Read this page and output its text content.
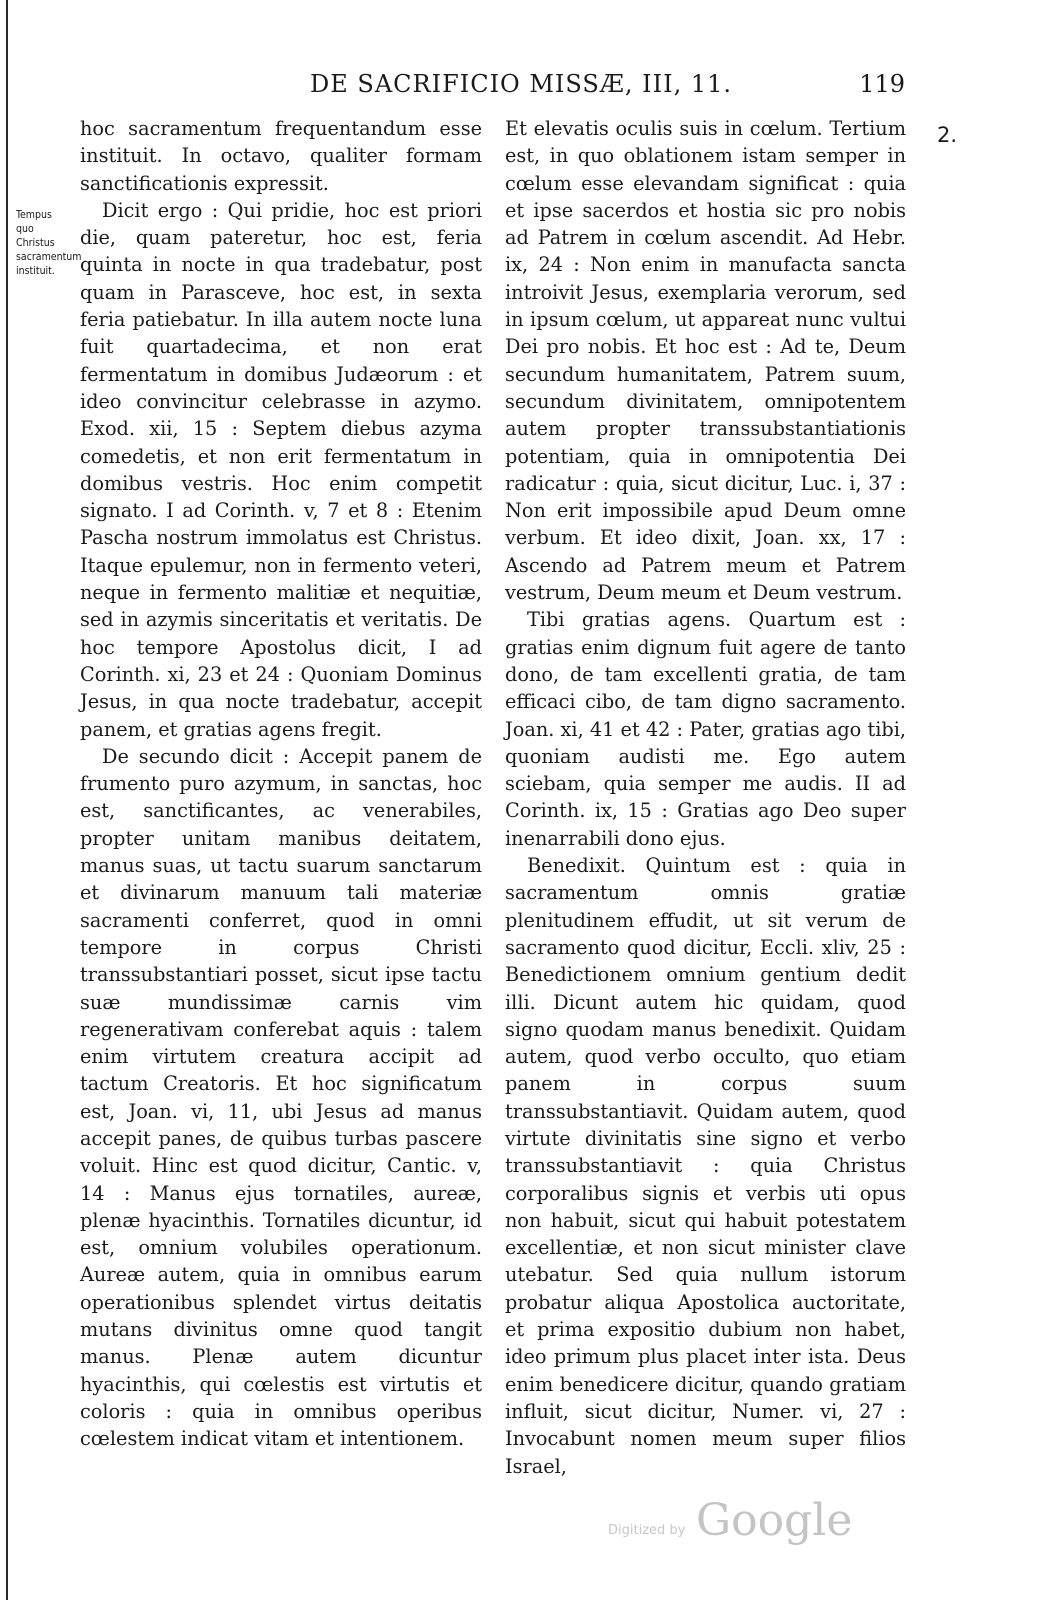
DE SACRIFICIO MISSÆ, III, 11.	119
Tempus quo Christus sacramentum instituit.
2.

hoc sacramentum frequentandum esse instituit. In octavo, qualiter formam sanctificationis expressit.

Dicit ergo : Qui pridie, hoc est priori die, quam pateretur, hoc est, feria quinta in nocte in qua tradebatur, post quam in Parasceve, hoc est, in sexta feria patiebatur. In illa autem nocte luna fuit quartadecima, et non erat fermentatum in domibus Judæorum : et ideo convincitur celebrasse in azymo. Exod. xii, 15 : Septem diebus azyma comedetis, et non erit fermentatum in domibus vestris. Hoc enim competit signato. I ad Corinth. v, 7 et 8 : Etenim Pascha nostrum immolatus est Christus. Itaque epulemur, non in fermento veteri, neque in fermento malitiæ et nequitiæ, sed in azymis sinceritatis et veritatis. De hoc tempore Apostolus dicit, I ad Corinth. xi, 23 et 24 : Quoniam Dominus Jesus, in qua nocte tradebatur, accepit panem, et gratias agens fregit.

De secundo dicit : Accepit panem de frumento puro azymum, in sanctas, hoc est, sanctificantes, ac venerabiles, propter unitam manibus deitatem, manus suas, ut tactu suarum sanctarum et divinarum manuum tali materiæ sacramenti conferret, quod in omni tempore in corpus Christi transsubstantiari posset, sicut ipse tactu suæ mundissimæ carnis vim regenerativam conferebat aquis : talem enim virtutem creatura accipit ad tactum Creatoris. Et hoc significatum est, Joan. vi, 11, ubi Jesus ad manus accepit panes, de quibus turbas pascere voluit. Hinc est quod dicitur, Cantic. v, 14 : Manus ejus tornatiles, aureæ, plenæ hyacinthis. Tornatiles dicuntur, id est, omnium volubiles operationum. Aureæ autem, quia in omnibus earum operationibus splendet virtus deitatis mutans divinitus omne quod tangit manus. Plenæ autem dicuntur hyacinthis, qui cœlestis est virtutis et coloris : quia in omnibus operibus cœlestem indicat vitam et intentionem.

Et elevatis oculis suis in cœlum. Tertium est, in quo oblationem istam semper in cœlum esse elevandam significat : quia et ipse sacerdos et hostia sic pro nobis ad Patrem in cœlum ascendit. Ad Hebr. ix, 24 : Non enim in manufacta sancta introivit Jesus, exemplaria verorum, sed in ipsum cœlum, ut appareat nunc vultui Dei pro nobis. Et hoc est : Ad te, Deum secundum humanitatem, Patrem suum, secundum divinitatem, omnipotentem autem propter transsubstantiationis potentiam, quia in omnipotentia Dei radicatur : quia, sicut dicitur, Luc. i, 37 : Non erit impossibile apud Deum omne verbum. Et ideo dixit, Joan. xx, 17 : Ascendo ad Patrem meum et Patrem vestrum, Deum meum et Deum vestrum.

Tibi gratias agens. Quartum est : gratias enim dignum fuit agere de tanto dono, de tam excellenti gratia, de tam efficaci cibo, de tam digno sacramento. Joan. xi, 41 et 42 : Pater, gratias ago tibi, quoniam audisti me. Ego autem sciebam, quia semper me audis. II ad Corinth. ix, 15 : Gratias ago Deo super inenarrabili dono ejus.

Benedixit. Quintum est : quia in sacramentum omnis gratiæ plenitudinem effudit, ut sit verum de sacramento quod dicitur, Eccli. xliv, 25 : Benedictionem omnium gentium dedit illi. Dicunt autem hic quidam, quod signo quodam manus benedixit. Quidam autem, quod verbo occulto, quo etiam panem in corpus suum transsubstantiavit. Quidam autem, quod virtute divinitatis sine signo et verbo transsubstantiavit : quia Christus corporalibus signis et verbis uti opus non habuit, sicut qui habuit potestatem excellentiæ, et non sicut minister clave utebatur. Sed quia nullum istorum probatur aliqua Apostolica auctoritate, et prima expositio dubium non habet, ideo primum plus placet inter ista. Deus enim benedicere dicitur, quando gratiam influit, sicut dicitur, Numer. vi, 27 : Invocabunt nomen meum super filios Israel,

Digitized by Google
